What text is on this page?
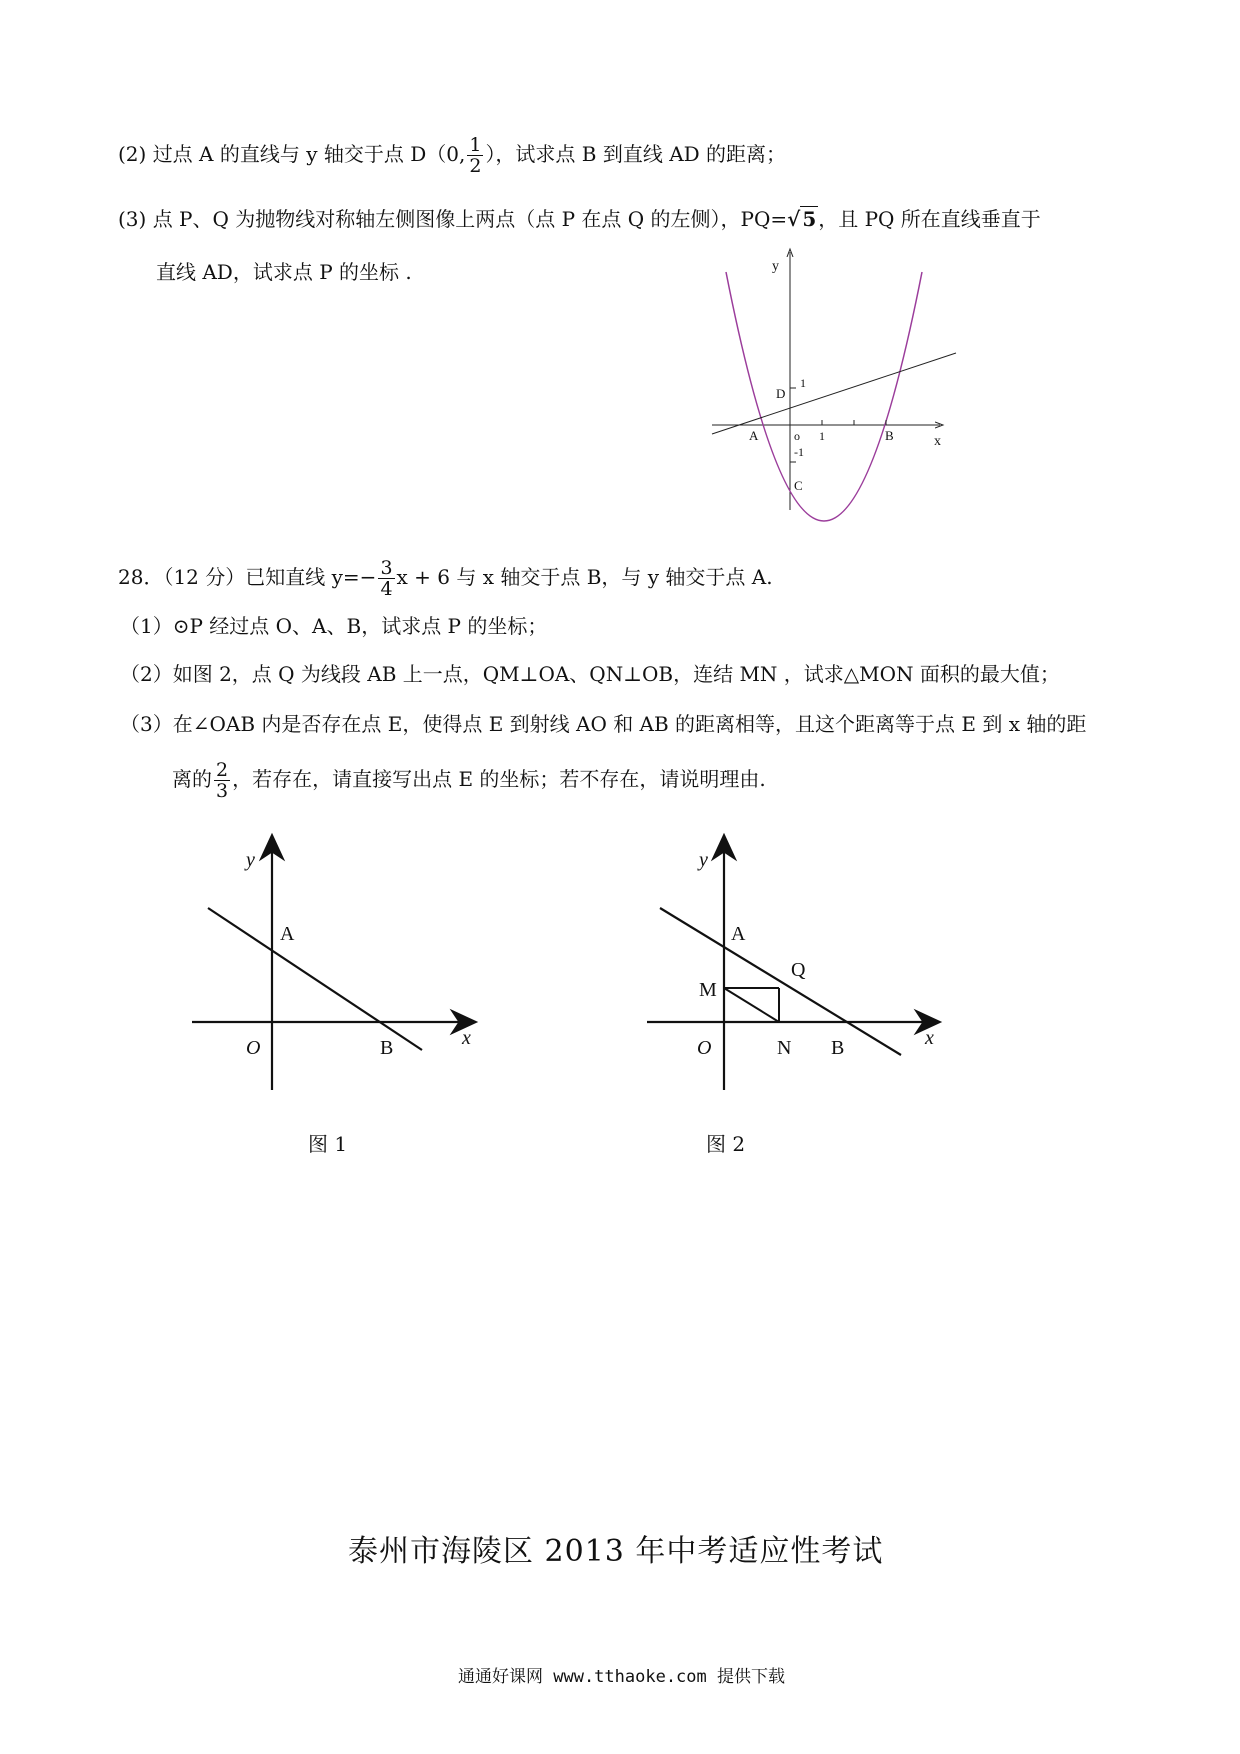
(2) 过点 A 的直线与 y 轴交于点 D（0, $\frac{1}{2}$ ），试求点 B 到直线 AD 的距离；
(3) 点 P、Q 为抛物线对称轴左侧图像上两点（点 P 在点 Q 的左侧），PQ=√ 5 ，且 PQ 所在直线垂直于
直线 AD，试求点 P 的坐标 .	y
x
A	B
C
D
o
1
1
-1
28．（12 分）已知直线 $y=- \frac{3}{4}$ x + 6 与 x 轴交于点 B，与 y 轴交于点 A.
（1）⊙P 经过点 O、A、B，试求点 P 的坐标；
（2）如图 2，点 Q 为线段 AB 上一点，QM⊥OA、QN⊥OB，连结 MN ，试求△MON 面积的最大值；
（3）在∠OAB 内是否存在点 E，使得点 E 到射线 AO 和 AB 的距离相等，且这个距离等于点 E 到 x 轴的距
离的 $\frac{2}{3}$ ，若存在，请直接写出点 E 的坐标；若不存在，请说明理由.
y
x
A
B
O
y
x
A
B
M
N
Q
O
图 1	图 2
泰州市海陵区 2013 年中考适应性考试
通通好课网 www.tthaoke.com 提供下载
